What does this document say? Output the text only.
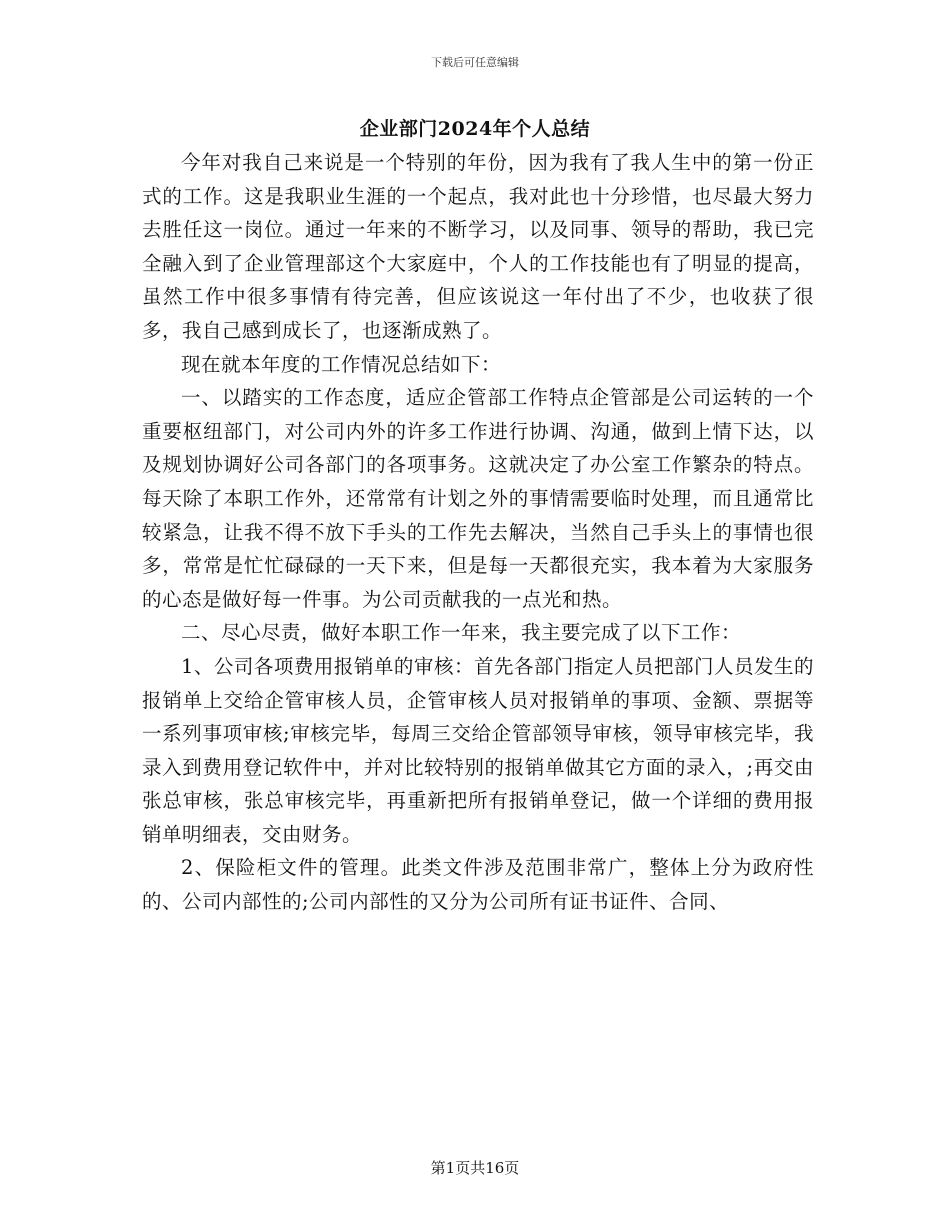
下载后可任意编辑
企业部门2024年个人总结

今年对我自己来说是一个特别的年份，因为我有了我人生中的第一份正式的工作。这是我职业生涯的一个起点，我对此也十分珍惜，也尽最大努力去胜任这一岗位。通过一年来的不断学习，以及同事、领导的帮助，我已完全融入到了企业管理部这个大家庭中，个人的工作技能也有了明显的提高，虽然工作中很多事情有待完善，但应该说这一年付出了不少，也收获了很多，我自己感到成长了，也逐渐成熟了。

现在就本年度的工作情况总结如下：

一、以踏实的工作态度，适应企管部工作特点企管部是公司运转的一个重要枢纽部门，对公司内外的许多工作进行协调、沟通，做到上情下达，以及规划协调好公司各部门的各项事务。这就决定了办公室工作繁杂的特点。每天除了本职工作外，还常常有计划之外的事情需要临时处理，而且通常比较紧急，让我不得不放下手头的工作先去解决，当然自己手头上的事情也很多，常常是忙忙碌碌的一天下来，但是每一天都很充实，我本着为大家服务的心态是做好每一件事。为公司贡献我的一点光和热。

二、尽心尽责，做好本职工作一年来，我主要完成了以下工作：

1、公司各项费用报销单的审核：首先各部门指定人员把部门人员发生的报销单上交给企管审核人员，企管审核人员对报销单的事项、金额、票据等一系列事项审核;审核完毕，每周三交给企管部领导审核，领导审核完毕，我录入到费用登记软件中，并对比较特别的报销单做其它方面的录入，;再交由张总审核，张总审核完毕，再重新把所有报销单登记，做一个详细的费用报销单明细表，交由财务。

2、保险柜文件的管理。此类文件涉及范围非常广，整体上分为政府性的、公司内部性的;公司内部性的又分为公司所有证书证件、合同、

第1页共16页
